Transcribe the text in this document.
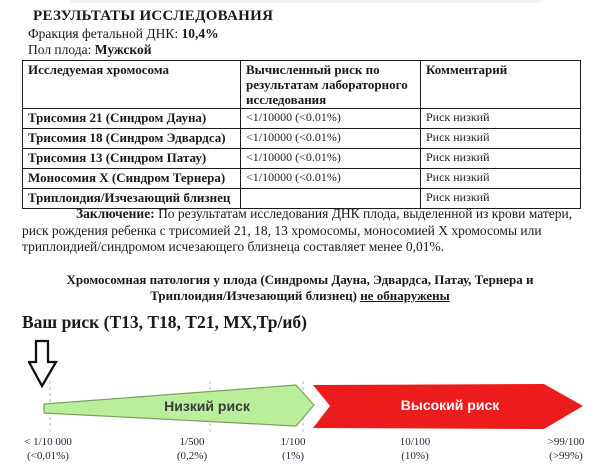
РЕЗУЛЬТАТЫ ИССЛЕДОВАНИЯ
Фракция фетальной ДНК: 10,4%
Пол плода: Мужской
Исследуемая хромосома	Вычисленный риск по результатам лабораторного исследования	Комментарий
Трисомия 21 (Синдром Дауна)	<1/10000 (<0.01%)	Риск низкий
Трисомия 18 (Синдром Эдвардса)	<1/10000 (<0.01%)	Риск низкий
Трисомия 13 (Синдром Патау)	<1/10000 (<0.01%)	Риск низкий
Моносомия Х (Синдром Тернера)	<1/10000 (<0.01%)	Риск низкий
Триплоидия/Изчезающий близнец		Риск низкий
Заключение: По результатам исследования ДНК плода, выделенной из крови матери, риск рождения ребенка с трисомией 21, 18, 13 хромосомы, моносомией Х хромосомы или триплоидией/синдромом исчезающего близнеца составляет менее 0,01%.
Хромосомная патология у плода (Синдромы Дауна, Эдвардса, Патау, Тернера и Триплоидия/Изчезающий близнец) не обнаружены
Ваш риск (Т13, Т18, Т21, МХ,Тр/иб)
Низкий риск	Высокий риск
< 1/10 000
(<0,01%)
1/500
(0,2%)
1/100
(1%)
10/100
(10%)
>99/100
(>99%)
